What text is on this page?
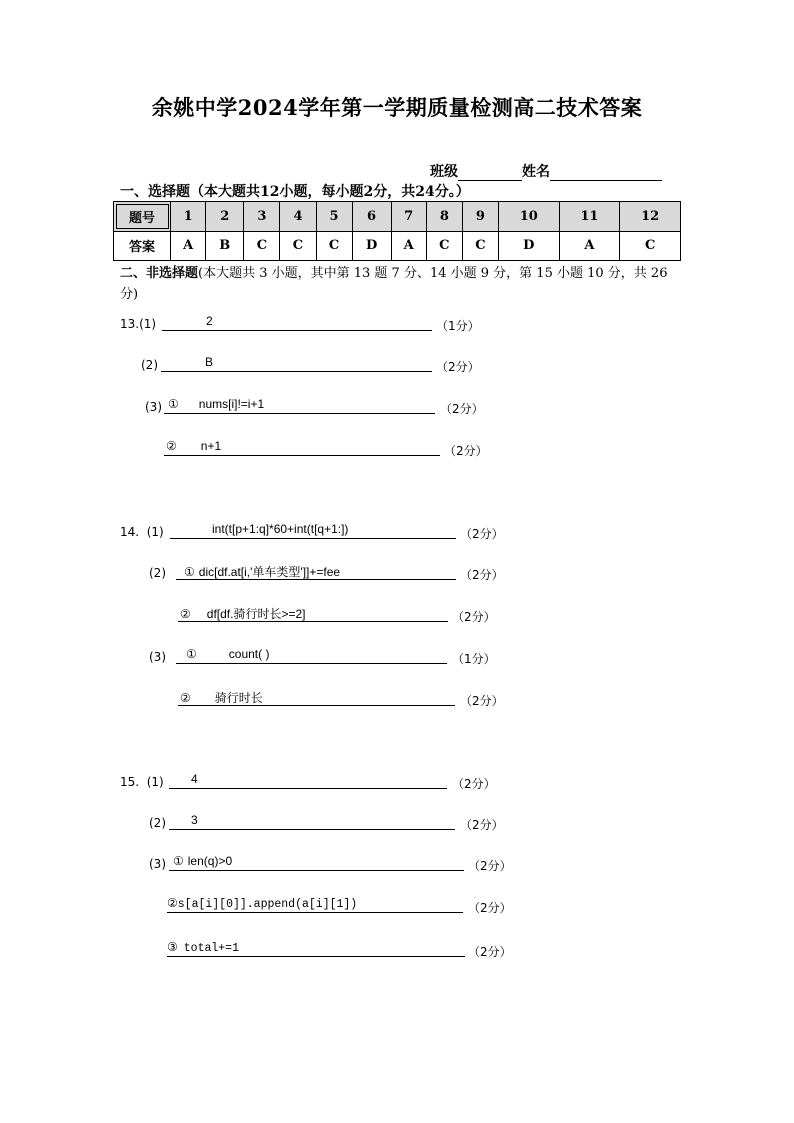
余姚中学2024学年第一学期质量检测高二技术答案
班级	姓名
一、选择题（本大题共12小题，每小题2分，共24分。）
题号	1	2	3	4	5	6	7	8	9	10	11	12
答案	A	B	C	C	C	D	A	C	C	D	A	C
二、非选择题(本大题共 3 小题，其中第 13 题 7 分、14 小题 9 分，第 15 小题 10 分，共 26 分)
13.(1)	2	（1分）
(2)	B	（2分）
(3) ① nums[i]!=i+1	（2分）
② n+1	（2分）
14. (1)	int(t[p+1:q]*60+int(t[q+1:])	（2分）
(2)	① dic[df.at[i,'单车类型']]+=fee	（2分）
② df[df.骑行时长>=2]	（2分）
(3)	①	count( )	（1分）
② 骑行时长	（2分）
15. (1)	4	（2分）
(2)	3	（2分）
(3) ① len(q)>0	（2分）
②s[a[i][0]].append(a[i][1])	（2分）
③ total+=1	（2分）
